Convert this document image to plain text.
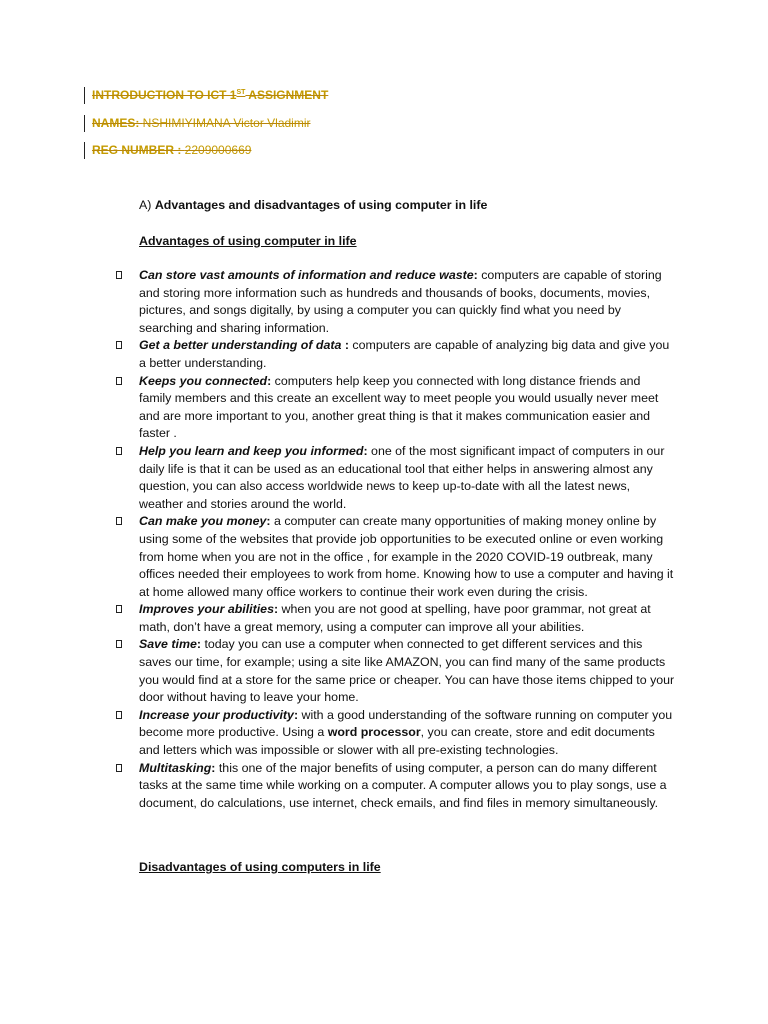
INTRODUCTION TO ICT 1ST ASSIGNMENT
NAMES: NSHIMIYIMANA Victor Vladimir
REG NUMBER : 2209000669
A) Advantages and disadvantages of using computer in life
Advantages of using computer in life
Can store vast amounts of information and reduce waste: computers are capable of storing and storing more information such as hundreds and thousands of books, documents, movies, pictures, and songs digitally, by using a computer you can quickly find what you need by searching and sharing information.
Get a better understanding of data : computers are capable of analyzing big data and give you a better understanding.
Keeps you connected: computers help keep you connected with long distance friends and family members and this create an excellent way to meet people you would usually never meet and are more important to you, another great thing is that it makes communication easier and faster .
Help you learn and keep you informed: one of the most significant impact of computers in our daily life is that it can be used as an educational tool that either helps in answering almost any question, you can also access worldwide news to keep up-to-date with all the latest news, weather and stories around the world.
Can make you money: a computer can create many opportunities of making money online by using some of the websites that provide job opportunities to be executed online or even working from home when you are not in the office , for example in the 2020 COVID-19 outbreak, many offices needed their employees to work from home. Knowing how to use a computer and having it at home allowed many office workers to continue their work even during the crisis.
Improves your abilities: when you are not good at spelling, have poor grammar, not great at math, don’t have a great memory, using a computer can improve all your abilities.
Save time: today you can use a computer when connected to get different services and this saves our time, for example; using a site like AMAZON, you can find many of the same products you would find at a store for the same price or cheaper. You can have those items chipped to your door without having to leave your home.
Increase your productivity: with a good understanding of the software running on computer you become more productive. Using a word processor, you can create, store and edit documents and letters which was impossible or slower with all pre-existing technologies.
Multitasking: this one of the major benefits of using computer, a person can do many different tasks at the same time while working on a computer. A computer allows you to play songs, use a document, do calculations, use internet, check emails, and find files in memory simultaneously.
Disadvantages of using computers in life
